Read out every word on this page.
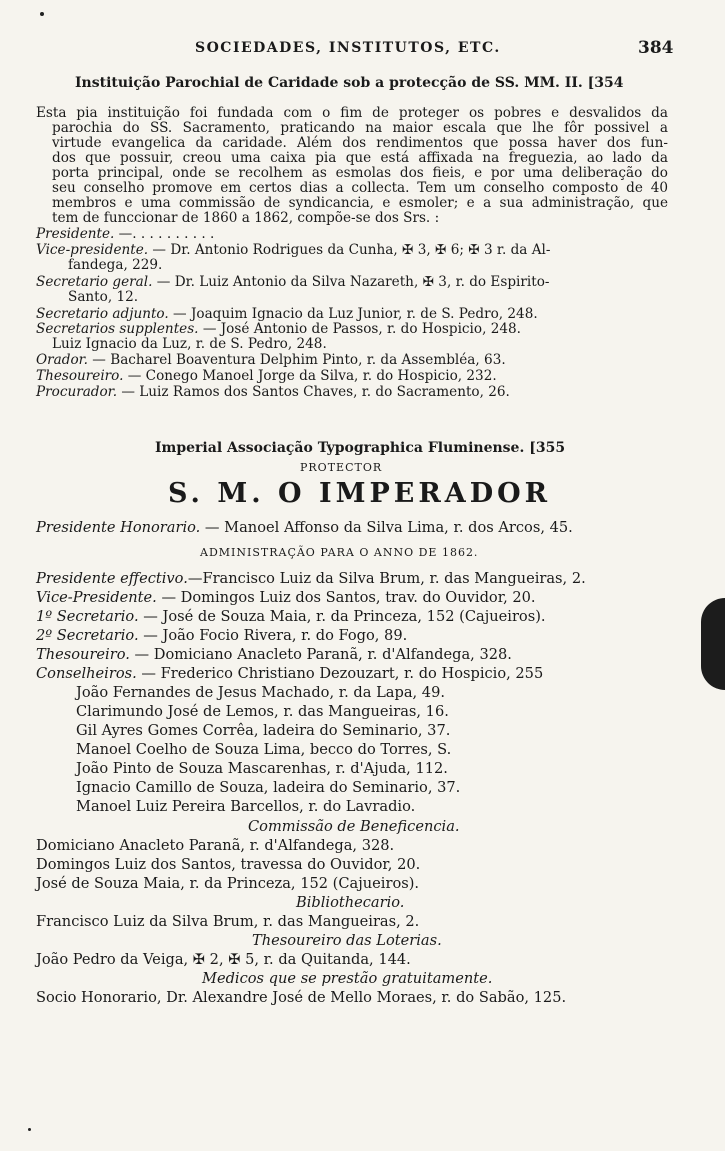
SOCIEDADES, INSTITUTOS, ETC.	384
Instituição Parochial de Caridade sob a protecção de SS. MM. II. [354
Esta pia instituição foi fundada com o fim de proteger os pobres e desvalidos da
parochia do SS. Sacramento, praticando na maior escala que lhe fôr possivel a
virtude evangelica da caridade. Além dos rendimentos que possa haver dos fun-
dos que possuir, creou uma caixa pia que está affixada na freguezia, ao lado da
porta principal, onde se recolhem as esmolas dos fieis, e por uma deliberação do
seu conselho promove em certos dias a collecta. Tem um conselho composto de 40
membros e uma commissão de syndicancia, e esmoler; e a sua administração, que
tem de funccionar de 1860 a 1862, compõe-se dos Srs. :
Presidente. —. . . . . . . . . .
Vice-presidente. — Dr. Antonio Rodrigues da Cunha, ✠ 3, ✠ 6; ✠ 3 r. da Al-
fandega, 229.
Secretario geral. — Dr. Luiz Antonio da Silva Nazareth, ✠ 3, r. do Espirito-
Santo, 12.
Secretario adjunto. — Joaquim Ignacio da Luz Junior, r. de S. Pedro, 248.
Secretarios supplentes. — José Antonio de Passos, r. do Hospicio, 248.
Luiz Ignacio da Luz, r. de S. Pedro, 248.
Orador. — Bacharel Boaventura Delphim Pinto, r. da Assembléa, 63.
Thesoureiro. — Conego Manoel Jorge da Silva, r. do Hospicio, 232.
Procurador. — Luiz Ramos dos Santos Chaves, r. do Sacramento, 26.
Imperial Associação Typographica Fluminense. [355
PROTECTOR
S. M. O IMPERADOR
Presidente Honorario. — Manoel Affonso da Silva Lima, r. dos Arcos, 45.
ADMINISTRAÇÃO PARA O ANNO DE 1862.
Presidente effectivo.—Francisco Luiz da Silva Brum, r. das Mangueiras, 2.
Vice-Presidente. — Domingos Luiz dos Santos, trav. do Ouvidor, 20.
1º Secretario. — José de Souza Maia, r. da Princeza, 152 (Cajueiros).
2º Secretario. — João Focio Rivera, r. do Fogo, 89.
Thesoureiro. — Domiciano Anacleto Paranã, r. d'Alfandega, 328.
Conselheiros. — Frederico Christiano Dezouzart, r. do Hospicio, 255
João Fernandes de Jesus Machado, r. da Lapa, 49.
Clarimundo José de Lemos, r. das Mangueiras, 16.
Gil Ayres Gomes Corrêa, ladeira do Seminario, 37.
Manoel Coelho de Souza Lima, becco do Torres, S.
João Pinto de Souza Mascarenhas, r. d'Ajuda, 112.
Ignacio Camillo de Souza, ladeira do Seminario, 37.
Manoel Luiz Pereira Barcellos, r. do Lavradio.
Commissão de Beneficencia.
Domiciano Anacleto Paranã, r. d'Alfandega, 328.
Domingos Luiz dos Santos, travessa do Ouvidor, 20.
José de Souza Maia, r. da Princeza, 152 (Cajueiros).
Bibliothecario.
Francisco Luiz da Silva Brum, r. das Mangueiras, 2.
Thesoureiro das Loterias.
João Pedro da Veiga, ✠ 2, ✠ 5, r. da Quitanda, 144.
Medicos que se prestão gratuitamente.
Socio Honorario, Dr. Alexandre José de Mello Moraes, r. do Sabão, 125.
